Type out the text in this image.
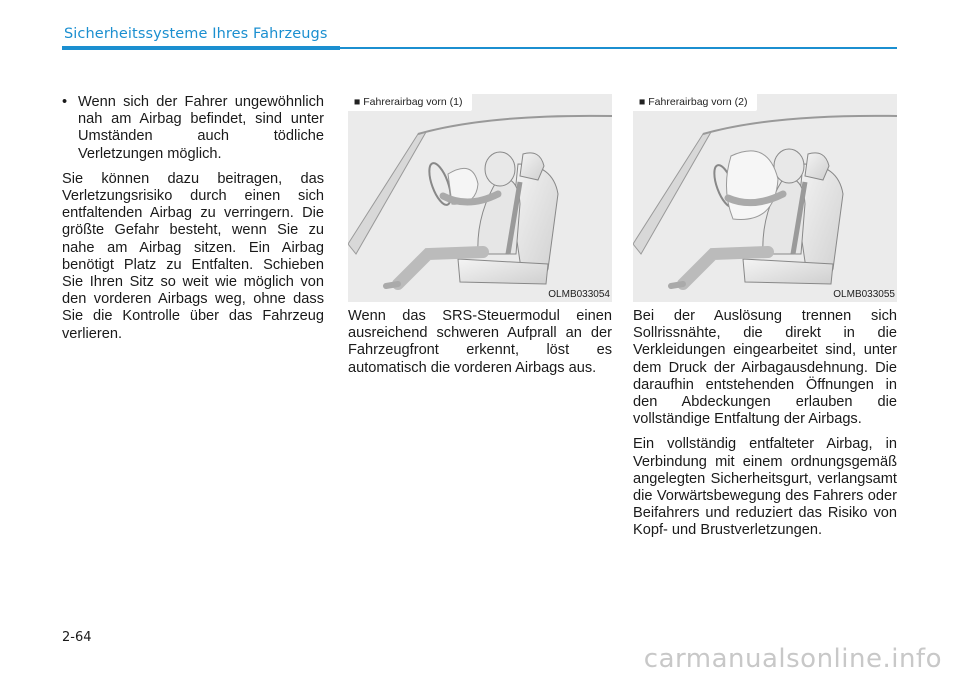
Sicherheitssysteme Ihres Fahrzeugs
• Wenn sich der Fahrer ungewöhnlich nah am Airbag befindet, sind unter Umständen auch tödliche Verletzungen möglich.

Sie können dazu beitragen, das Verletzungsrisiko durch einen sich entfaltenden Airbag zu verringern. Die größte Gefahr besteht, wenn Sie zu nahe am Airbag sitzen. Ein Airbag benötigt Platz zu Entfalten. Schieben Sie Ihren Sitz so weit wie möglich von den vorderen Airbags weg, ohne dass Sie die Kontrolle über das Fahrzeug verlieren.

■ Fahrerairbag vorn (1)
OLMB033054
■ Fahrerairbag vorn (2)
OLMB033055

Wenn das SRS-Steuermodul einen ausreichend schweren Aufprall an der Fahrzeugfront erkennt, löst es automatisch die vorderen Airbags aus.

Bei der Auslösung trennen sich Sollrissnähte, die direkt in die Verkleidungen eingearbeitet sind, unter dem Druck der Airbagausdehnung. Die daraufhin entstehenden Öffnungen in den Abdeckungen erlauben die vollständige Entfaltung der Airbags.

Ein vollständig entfalteter Airbag, in Verbindung mit einem ordnungsgemäß angelegten Sicherheitsgurt, verlangsamt die Vorwärtsbewegung des Fahrers oder Beifahrers und reduziert das Risiko von Kopf- und Brustverletzungen.

2-64
carmanualsonline.info
